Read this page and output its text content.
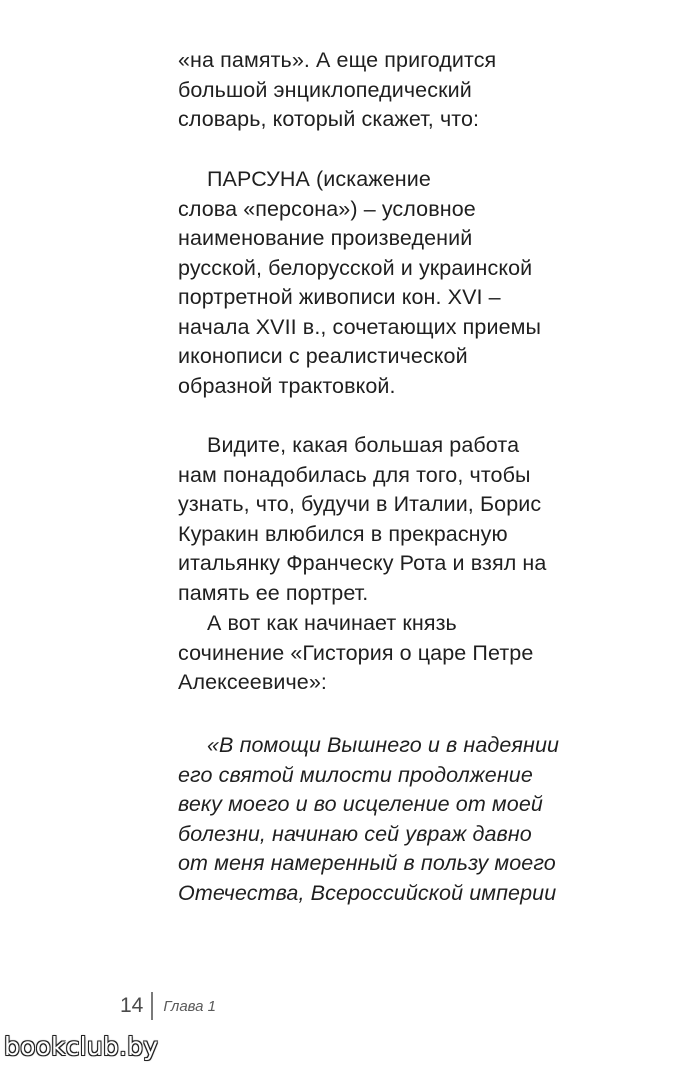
«на память». А еще пригодится
большой энциклопедический
словарь, который скажет, что:
ПАРСУНА (искажение
слова «персона») – условное
наименование произведений
русской, белорусской и украинской
портретной живописи кон. XVI –
начала XVII в., сочетающих приемы
иконописи с реалистической
образной трактовкой.
Видите, какая большая работа
нам понадобилась для того, чтобы
узнать, что, будучи в Италии, Борис
Куракин влюбился в прекрасную
итальянку Франческу Рота и взял на
память ее портрет.
А вот как начинает князь
сочинение «Гистория о царе Петре
Алексеевиче»:
«В помощи Вышнего и в надеянии
его святой милости продолжение
веку моего и во исцеление от моей
болезни, начинаю сей увраж давно
от меня намеренный в пользу моего
Отечества, Всероссийской империи
14 Глава 1
bookclub.by
